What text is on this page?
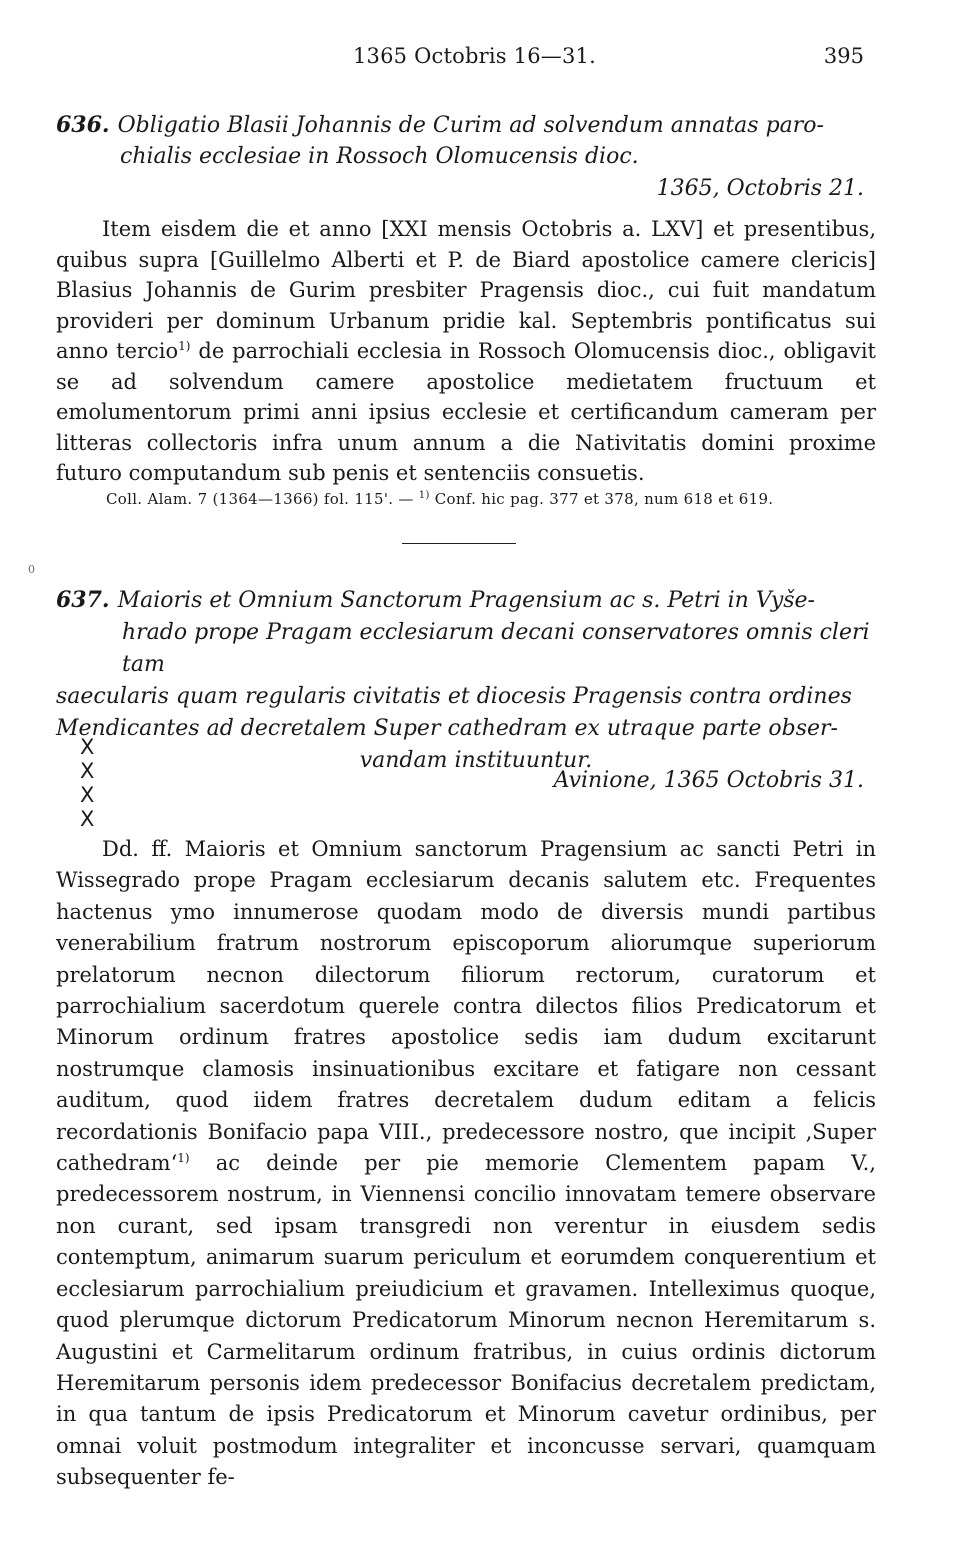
1365 Octobris 16—31.	395
636. Obligatio Blasii Johannis de Curim ad solvendum annatas paro-
chialis ecclesiae in Rossoch Olomucensis dioc.
1365, Octobris 21.

Item eisdem die et anno [XXI mensis Octobris a. LXV] et presentibus, quibus supra [Guillelmo Alberti et P. de Biard apostolice camere clericis] Blasius Johannis de Gurim presbiter Pragensis dioc., cui fuit mandatum provideri per dominum Urbanum pridie kal. Septembris pontificatus sui anno tercio$^{1)}$ de parrochiali ecclesia in Rossoch Olomucensis dioc., obligavit se ad solvendum camere apostolice medietatem fructuum et emolumentorum primi anni ipsius ecclesie et certificandum cameram per litteras collectoris infra unum annum a die Nativitatis domini proxime futuro computandum sub penis et sentenciis consuetis.

Coll. Alam. 7 (1364—1366) fol. 115'. — $^{1)}$ Conf. hic pag. 377 et 378, num 618 et 619.
0
637. Maioris et Omnium Sanctorum Pragensium ac s. Petri in Vyše-
hrado prope Pragam ecclesiarum decani conservatores omnis cleri tam
saecularis quam regularis civitatis et diocesis Pragensis contra ordines
Mendicantes ad decretalem Super cathedram ex utraque parte obser-
vandam instituuntur.
X
X
X
X
Avinione, 1365 Octobris 31.

Dd. ff. Maioris et Omnium sanctorum Pragensium ac sancti Petri in Wissegrado prope Pragam ecclesiarum decanis salutem etc. Frequentes hactenus ymo innumerose quodam modo de diversis mundi partibus venerabilium fratrum nostrorum episcoporum aliorumque superiorum prelatorum necnon dilectorum filiorum rectorum, curatorum et parrochialium sacerdotum querele contra dilectos filios Predicatorum et Minorum ordinum fratres apostolice sedis iam dudum excitarunt nostrumque clamosis insinuationibus excitare et fatigare non cessant auditum, quod iidem fratres decretalem dudum editam a felicis recordationis Bonifacio papa VIII., predecessore nostro, que incipit ‚Super cathedram‘$^{1)}$ ac deinde per pie memorie Clementem papam V., predecessorem nostrum, in Viennensi concilio innovatam temere observare non curant, sed ipsam transgredi non verentur in eiusdem sedis contemptum, animarum suarum periculum et eorumdem conquerentium et ecclesiarum parrochialium preiudicium et gravamen. Intelleximus quoque, quod plerumque dictorum Predicatorum Minorum necnon Heremitarum s. Augustini et Carmelitarum ordinum fratribus, in cuius ordinis dictorum Heremitarum personis idem predecessor Bonifacius decretalem predictam, in qua tantum de ipsis Predicatorum et Minorum cavetur ordinibus, per omnai voluit postmodum integraliter et inconcusse servari, quamquam subsequenter fe-
